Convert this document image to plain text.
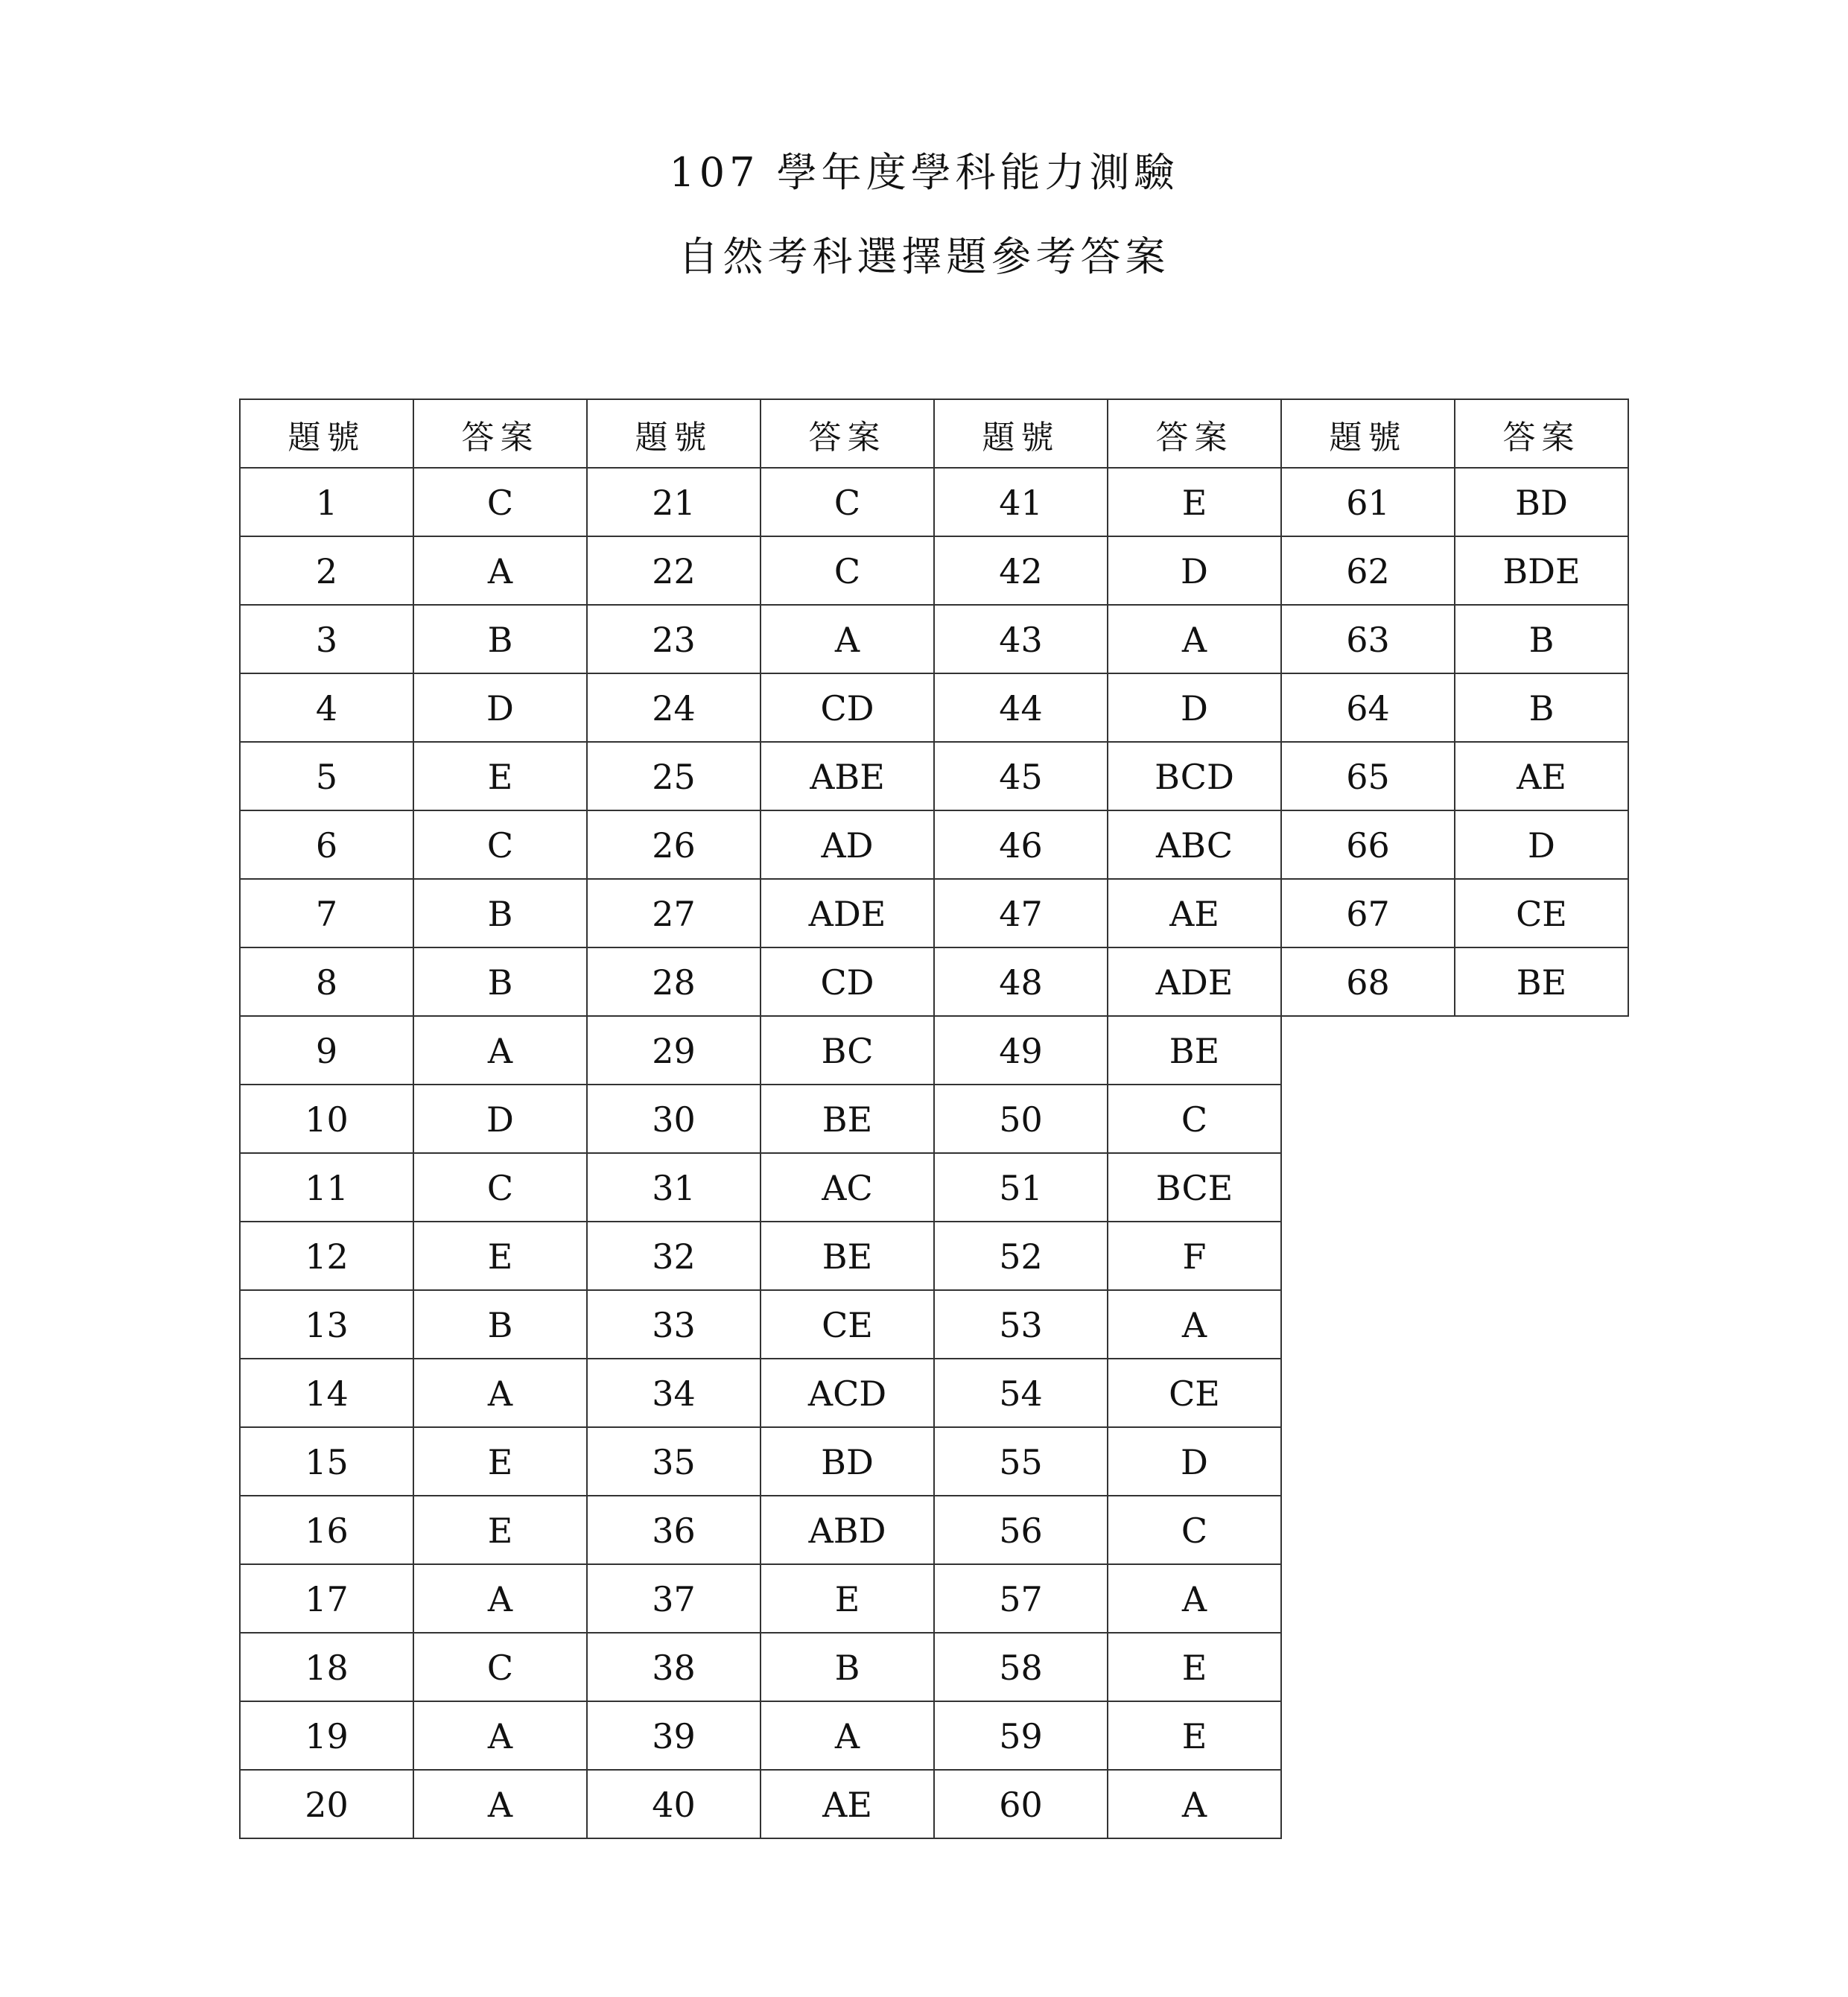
107 學年度學科能力測驗
自然考科選擇題參考答案
題號	答案	題號	答案	題號	答案	題號	答案
1	C	21	C	41	E	61	BD
2	A	22	C	42	D	62	BDE
3	B	23	A	43	A	63	B
4	D	24	CD	44	D	64	B
5	E	25	ABE	45	BCD	65	AE
6	C	26	AD	46	ABC	66	D
7	B	27	ADE	47	AE	67	CE
8	B	28	CD	48	ADE	68	BE
9	A	29	BC	49	BE		
10	D	30	BE	50	C		
11	C	31	AC	51	BCE		
12	E	32	BE	52	F		
13	B	33	CE	53	A		
14	A	34	ACD	54	CE		
15	E	35	BD	55	D		
16	E	36	ABD	56	C		
17	A	37	E	57	A		
18	C	38	B	58	E		
19	A	39	A	59	E		
20	A	40	AE	60	A		
